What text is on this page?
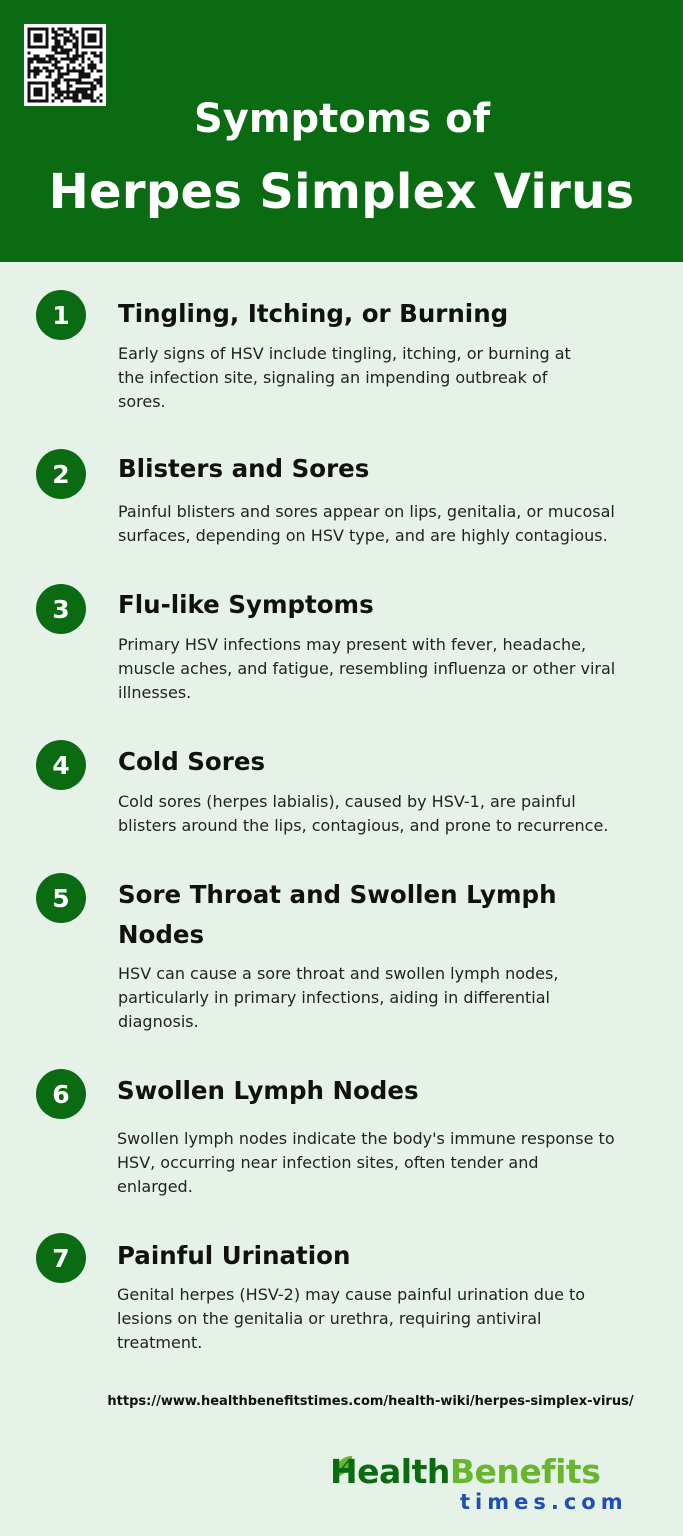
Symptoms of
Herpes Simplex Virus
1	Tingling, Itching, or Burning
Early signs of HSV include tingling, itching, or burning at the infection site, signaling an impending outbreak of sores.
2	Blisters and Sores
Painful blisters and sores appear on lips, genitalia, or mucosal surfaces, depending on HSV type, and are highly contagious.
3	Flu-like Symptoms
Primary HSV infections may present with fever, headache, muscle aches, and fatigue, resembling influenza or other viral illnesses.
4	Cold Sores
Cold sores (herpes labialis), caused by HSV-1, are painful blisters around the lips, contagious, and prone to recurrence.
5	Sore Throat and Swollen Lymph Nodes
HSV can cause a sore throat and swollen lymph nodes, particularly in primary infections, aiding in differential diagnosis.
6	Swollen Lymph Nodes
Swollen lymph nodes indicate the body's immune response to HSV, occurring near infection sites, often tender and enlarged.
7	Painful Urination
Genital herpes (HSV-2) may cause painful urination due to lesions on the genitalia or urethra, requiring antiviral treatment.
https://www.healthbenefitstimes.com/health-wiki/herpes-simplex-virus/
HealthBenefits
times.com
